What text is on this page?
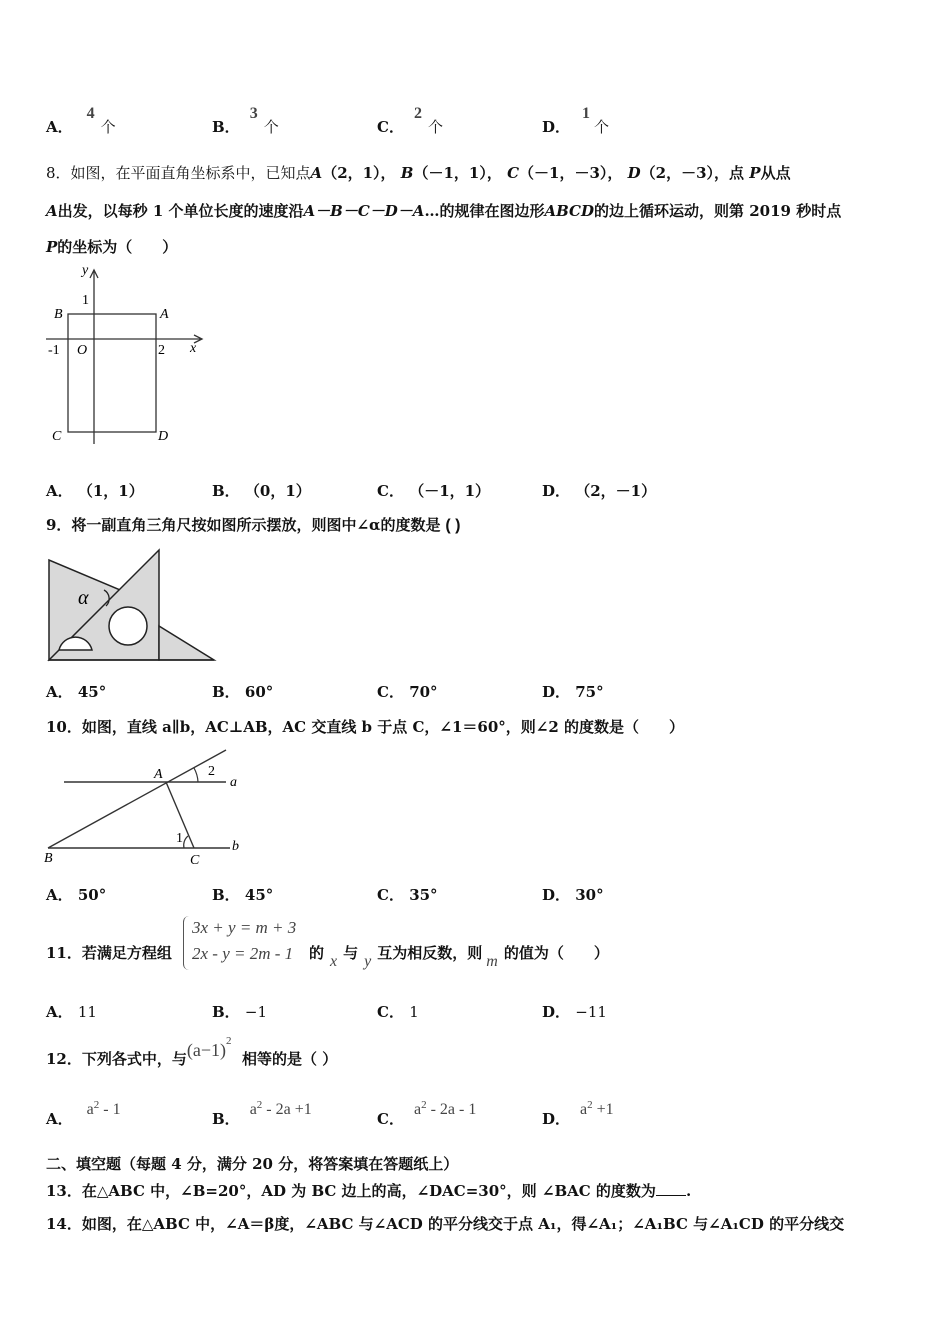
A．4个	B．3个	C．2个	D．1个
8．如图，在平面直角坐标系中，已知点A（2，1）， B（－1，1）， C（－1，－3）， D（2，－3），点 P从点
A出发，以每秒 1 个单位长度的速度沿A－B－C－D－A…的规律在图边形ABCD的边上循环运动，则第 2019 秒时点
P的坐标为（　　）
y
x
1
-1 O	2
A
B
C	D
A． （1，1）	B． （0，1）	C． （－1，1）	D． （2，－1）
9．将一副直角三角尺按如图所示摆放，则图中∠α的度数是 ( )
α
A． 45°	B． 60°	C． 70°	D． 75°
10．如图，直线 a∥b，AC⊥AB，AC 交直线 b 于点 C，∠1＝60°，则∠2 的度数是（　　）
A	2
a
1
b
B	C
A． 50°	B． 45°	C． 35°	D． 30°
11．若满足方程组
3x + y = m + 3
2x - y = 2m - 1 的 x 与 y 互为相反数，则 m 的值为（　　）
A． 11	B． −1	C． 1	D． −11
12．下列各式中，与$(a-1)^2$  相等的是（ ）
A．$a^2 - 1$
B．$a^2 - 2a +1$
C．$a^2 - 2a - 1$
D．$a^2 +1$
二、填空题（每题 4 分，满分 20 分，将答案填在答题纸上）
13．在△ABC 中，∠B=20°，AD 为 BC 边上的高，∠DAC=30°，则 ∠BAC 的度数为 .
14．如图，在△ABC 中，∠A＝β度，∠ABC 与∠ACD 的平分线交于点 A₁，得∠A₁；∠A₁BC 与∠A₁CD 的平分线交
